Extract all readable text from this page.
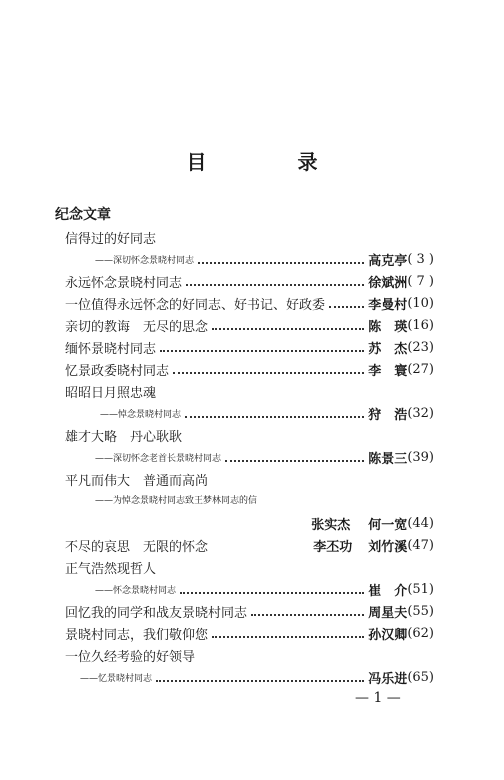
目 录
纪念文章
信得过的好同志
——深切怀念景晓村同志	高克亭 ( 3 )
永远怀念景晓村同志	徐斌洲 ( 7 )
一位值得永远怀念的好同志、好书记、好政委	李曼村 (10)
亲切的教诲　无尽的思念	陈　瑛 (16)
缅怀景晓村同志	苏　杰 (23)
忆景政委晓村同志	李　寰 (27)
昭昭日月照忠魂
——悼念景晓村同志	狩　浩 (32)
雄才大略　丹心耿耿
——深切怀念老首长景晓村同志	陈景三 (39)
平凡而伟大　普通而高尚
——为悼念景晓村同志致王梦林同志的信
张实杰 何一宽 (44)
不尽的哀思　无限的怀念	李丕功 刘竹溪 (47)
正气浩然现哲人
——怀念景晓村同志	崔　介 (51)
回忆我的同学和战友景晓村同志	周星夫 (55)
景晓村同志，我们敬仰您	孙汉卿 (62)
一位久经考验的好领导
——忆景晓村同志	冯乐进 (65)
— 1 —
